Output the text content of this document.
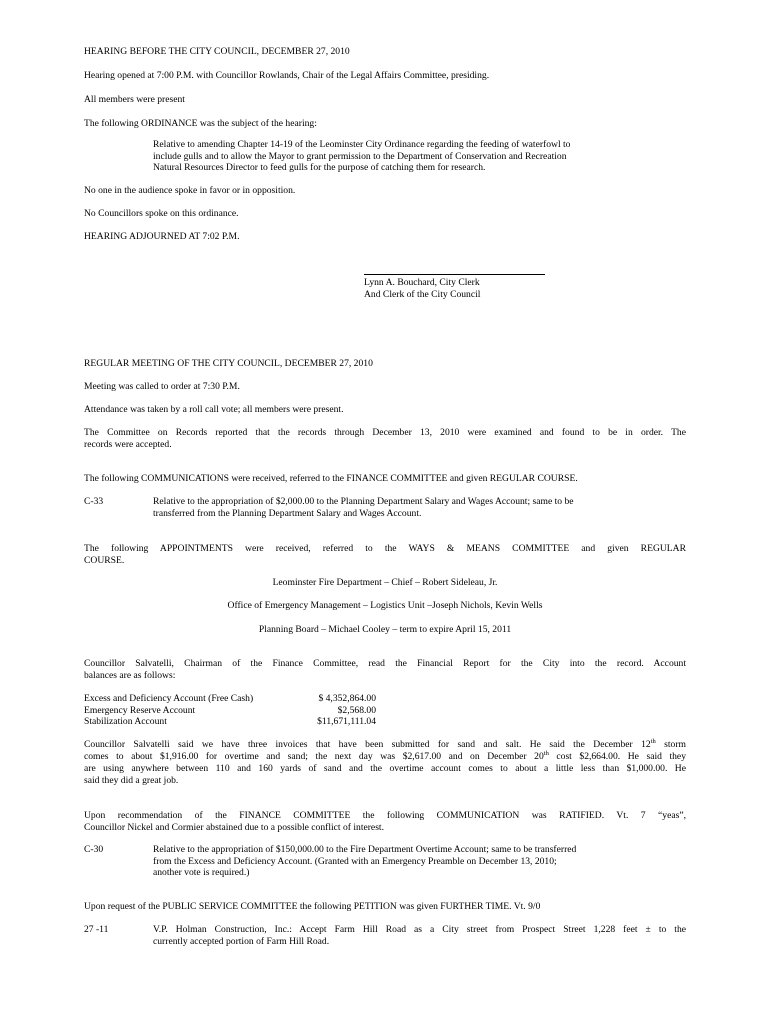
HEARING BEFORE THE CITY COUNCIL, DECEMBER 27, 2010

Hearing opened at 7:00 P.M. with Councillor Rowlands, Chair of the Legal Affairs Committee, presiding.

All members were present

The following ORDINANCE was the subject of the hearing:

Relative to amending Chapter 14-19 of the Leominster City Ordinance regarding the feeding of waterfowl to

include gulls and to allow the Mayor to grant permission to the Department of Conservation and Recreation

Natural Resources Director to feed gulls for the purpose of catching them for research.

No one in the audience spoke in favor or in opposition.

No Councillors spoke on this ordinance.

HEARING ADJOURNED AT 7:02 P.M.

Lynn A. Bouchard, City Clerk

And Clerk of the City Council

REGULAR MEETING OF THE CITY COUNCIL, DECEMBER 27, 2010

Meeting was called to order at 7:30 P.M.

Attendance was taken by a roll call vote; all members were present.

The Committee on Records reported that the records through December 13, 2010 were examined and found to be in order. The

records were accepted.

The following COMMUNICATIONS were received, referred to the FINANCE COMMITTEE and given REGULAR COURSE.

C-33	Relative to the appropriation of $2,000.00 to the Planning Department Salary and Wages Account; same to be

transferred from the Planning Department Salary and Wages Account.

The following APPOINTMENTS were received, referred to the WAYS & MEANS COMMITTEE and given REGULAR

COURSE.

Leominster Fire Department – Chief – Robert Sideleau, Jr.

Office of Emergency Management – Logistics Unit –Joseph Nichols, Kevin Wells

Planning Board – Michael Cooley – term to expire April 15, 2011

Councillor Salvatelli, Chairman of the Finance Committee, read the Financial Report for the City into the record. Account

balances are as follows:

Excess and Deficiency Account (Free Cash)	$ 4,352,864.00
Emergency Reserve Account	$2,568.00
Stabilization Account	$11,671,111.04

Councillor Salvatelli said we have three invoices that have been submitted for sand and salt. He said the December 12th storm

comes to about $1,916.00 for overtime and sand; the next day was $2,617.00 and on December 20th cost $2,664.00. He said they

are using anywhere between 110 and 160 yards of sand and the overtime account comes to about a little less than $1,000.00. He

said they did a great job.

Upon recommendation of the FINANCE COMMITTEE the following COMMUNICATION was RATIFIED. Vt. 7 “yeas”,

Councillor Nickel and Cormier abstained due to a possible conflict of interest.

C-30	Relative to the appropriation of $150,000.00 to the Fire Department Overtime Account; same to be transferred

from the Excess and Deficiency Account. (Granted with an Emergency Preamble on December 13, 2010;

another vote is required.)

Upon request of the PUBLIC SERVICE COMMITTEE the following PETITION was given FURTHER TIME. Vt. 9/0

27 -11	V.P. Holman Construction, Inc.: Accept Farm Hill Road as a City street from Prospect Street 1,228 feet ± to the

currently accepted portion of Farm Hill Road.
